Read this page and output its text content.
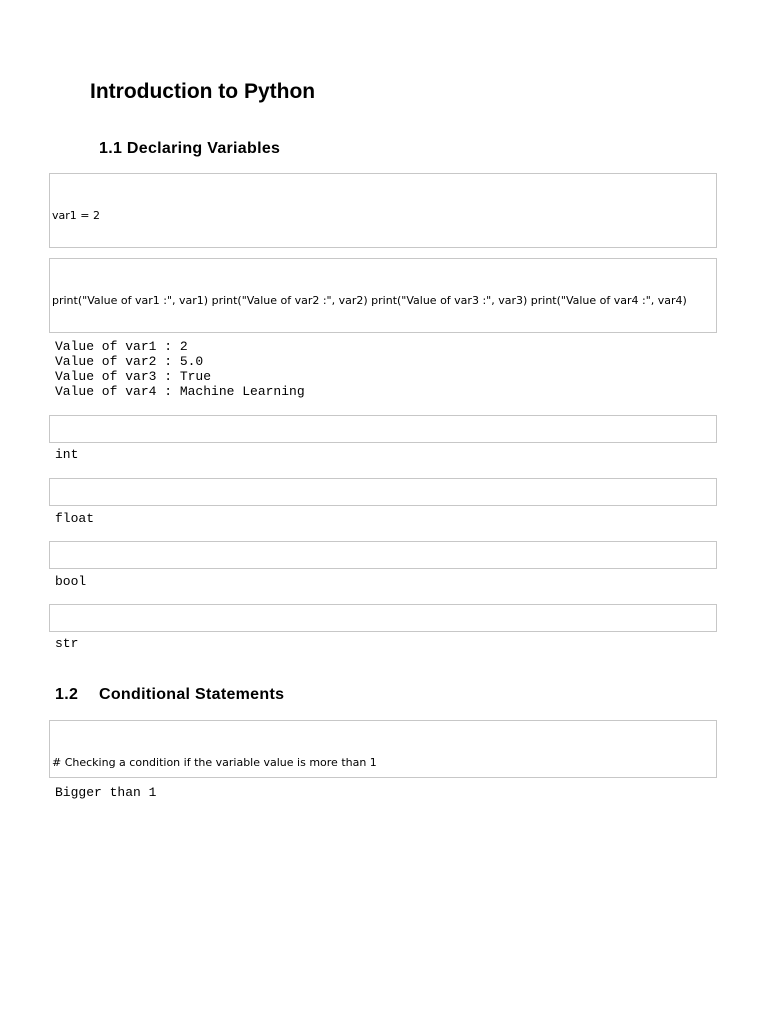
Introduction to Python
1.1 Declaring Variables

var1 = 2

print("Value of var1 :", var1) print("Value of var2 :", var2) print("Value of var3 :", var3) print("Value of var4 :", var4)

Value of var1 : 2
Value of var2 : 5.0
Value of var3 : True
Value of var4 : Machine Learning

int

float

bool

str
1.2 Conditional Statements

# Checking a condition if the variable value is more than 1

Bigger than 1
